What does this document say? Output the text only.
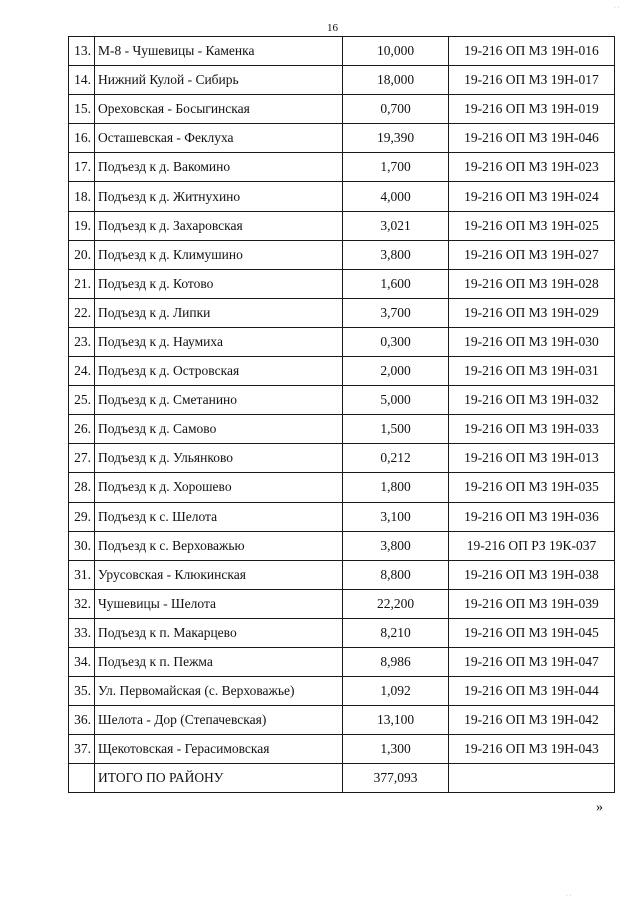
16
13.	М-8 - Чушевицы - Каменка	10,000	19-216 ОП МЗ 19Н-016
14.	Нижний Кулой - Сибирь	18,000	19-216 ОП МЗ 19Н-017
15.	Ореховская - Босыгинская	0,700	19-216 ОП МЗ 19Н-019
16.	Осташевская - Феклуха	19,390	19-216 ОП МЗ 19Н-046
17.	Подъезд к д. Вакомино	1,700	19-216 ОП МЗ 19Н-023
18.	Подъезд к д. Житнухино	4,000	19-216 ОП МЗ 19Н-024
19.	Подъезд к д. Захаровская	3,021	19-216 ОП МЗ 19Н-025
20.	Подъезд к д. Климушино	3,800	19-216 ОП МЗ 19Н-027
21.	Подъезд к д. Котово	1,600	19-216 ОП МЗ 19Н-028
22.	Подъезд к д. Липки	3,700	19-216 ОП МЗ 19Н-029
23.	Подъезд к д. Наумиха	0,300	19-216 ОП МЗ 19Н-030
24.	Подъезд к д. Островская	2,000	19-216 ОП МЗ 19Н-031
25.	Подъезд к д. Сметанино	5,000	19-216 ОП МЗ 19Н-032
26.	Подъезд к д. Самово	1,500	19-216 ОП МЗ 19Н-033
27.	Подъезд к д. Ульянково	0,212	19-216 ОП МЗ 19Н-013
28.	Подъезд к д. Хорошево	1,800	19-216 ОП МЗ 19Н-035
29.	Подъезд к с. Шелота	3,100	19-216 ОП МЗ 19Н-036
30.	Подъезд к с. Верховажью	3,800	19-216 ОП РЗ 19К-037
31.	Урусовская - Клюкинская	8,800	19-216 ОП МЗ 19Н-038
32.	Чушевицы - Шелота	22,200	19-216 ОП МЗ 19Н-039
33.	Подъезд к п. Макарцево	8,210	19-216 ОП МЗ 19Н-045
34.	Подъезд к п. Пежма	8,986	19-216 ОП МЗ 19Н-047
35.	Ул. Первомайская (с. Верховажье)	1,092	19-216 ОП МЗ 19Н-044
36.	Шелота - Дор (Степачевская)	13,100	19-216 ОП МЗ 19Н-042
37.	Щекотовская - Герасимовская	1,300	19-216 ОП МЗ 19Н-043
	ИТОГО ПО РАЙОНУ	377,093	
»
· ·
· ·
